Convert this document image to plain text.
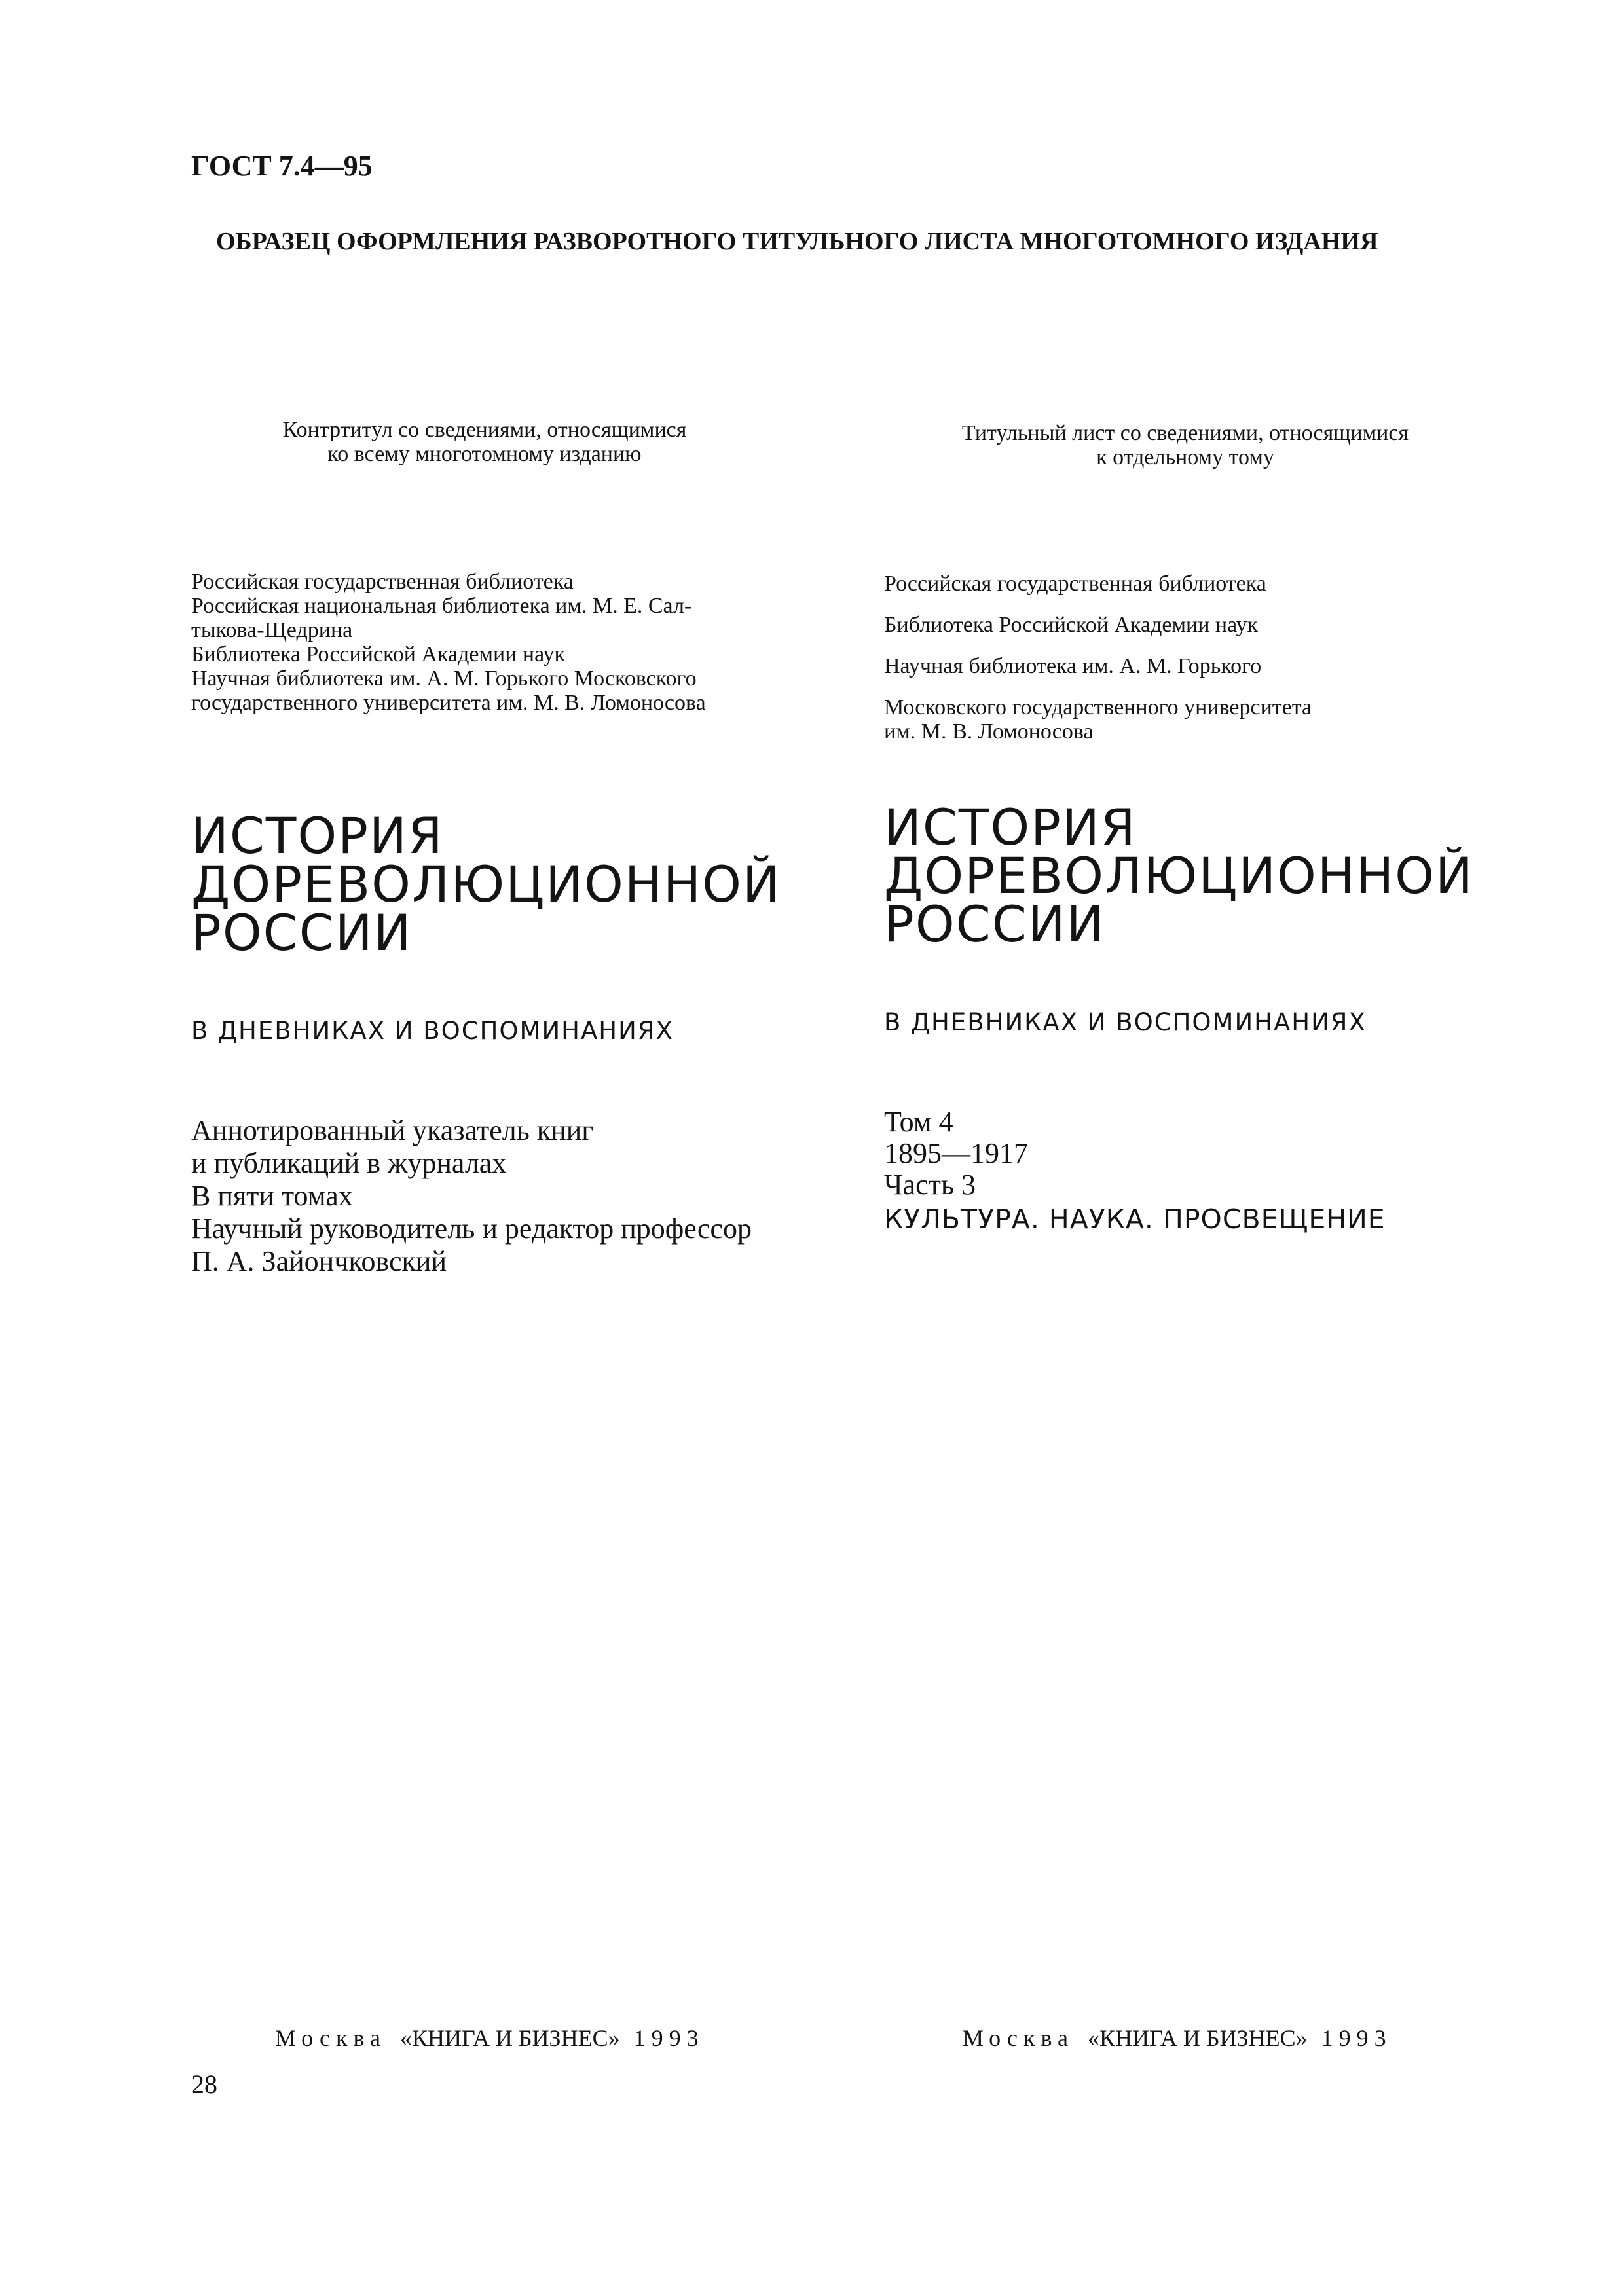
ГОСТ 7.4—95
ОБРАЗЕЦ ОФОРМЛЕНИЯ РАЗВОРОТНОГО ТИТУЛЬНОГО ЛИСТА МНОГОТОМНОГО ИЗДАНИЯ
Контртитул со сведениями, относящимися
ко всему многотомному изданию
Российская государственная библиотека
Российская национальная библиотека им. М. Е. Сал-
тыкова-Щедрина
Библиотека Российской Академии наук
Научная библиотека им. А. М. Горького Московского
государственного университета им. М. В. Ломоносова
ИСТОРИЯ
ДОРЕВОЛЮЦИОННОЙ
РОССИИ
В ДНЕВНИКАХ И ВОСПОМИНАНИЯХ
Аннотированный указатель книг
и публикаций в журналах
В пяти томах
Научный руководитель и редактор профессор
П. А. Зайончковский
Москва «КНИГА И БИЗНЕС» 1993
Титульный лист со сведениями, относящимися
к отдельному тому
Российская государственная библиотека
Библиотека Российской Академии наук
Научная библиотека им. А. М. Горького
Московского государственного университета
им. М. В. Ломоносова
ИСТОРИЯ
ДОРЕВОЛЮЦИОННОЙ
РОССИИ
В ДНЕВНИКАХ И ВОСПОМИНАНИЯХ
Том 4
1895—1917
Часть 3
КУЛЬТУРА. НАУКА. ПРОСВЕЩЕНИЕ
Москва «КНИГА И БИЗНЕС» 1993
28
